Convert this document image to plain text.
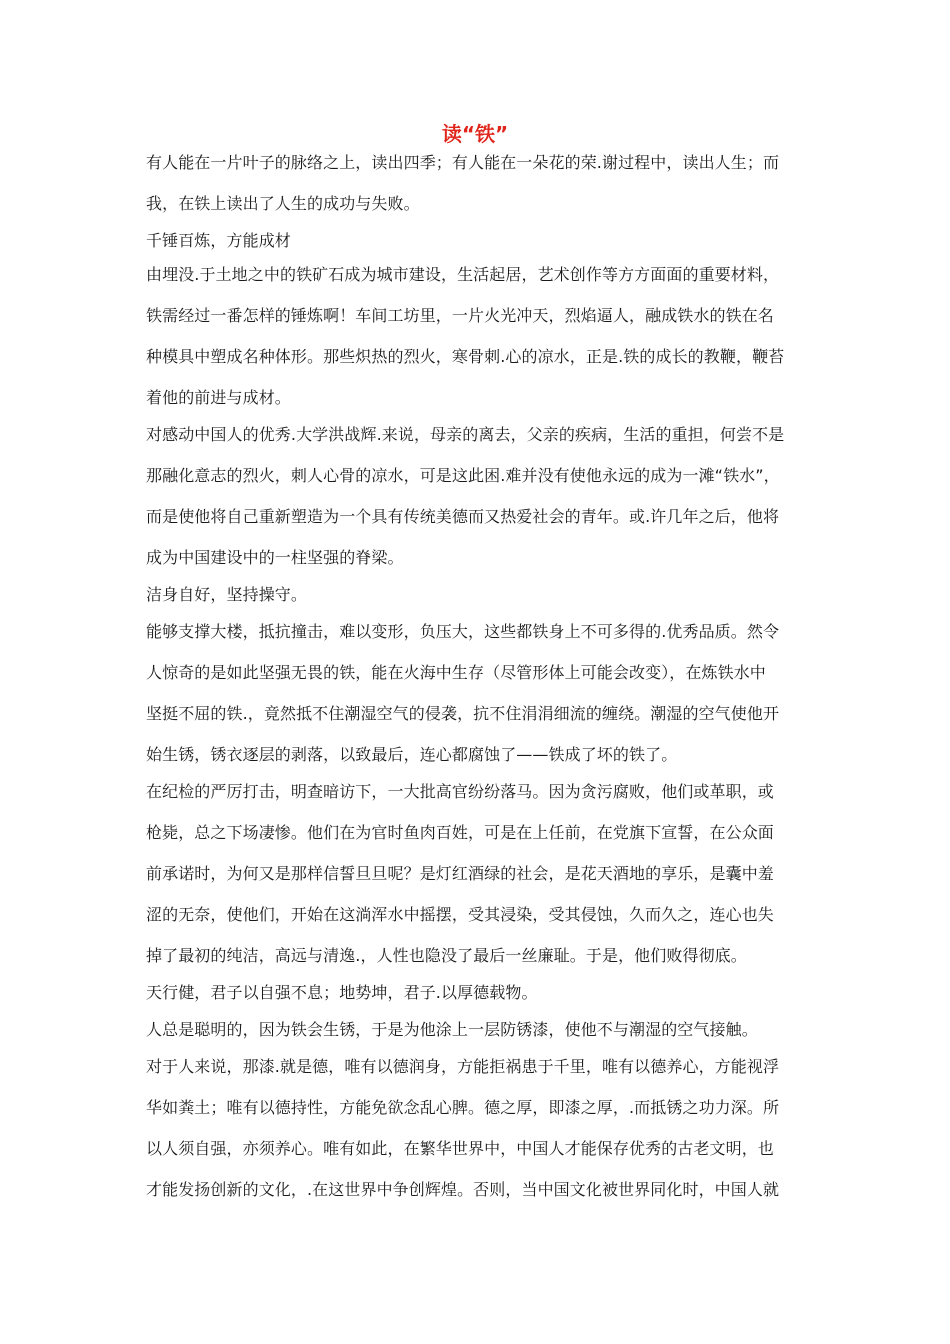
读“铁”
有人能在一片叶子的脉络之上，读出四季；有人能在一朵花的荣.谢过程中，读出人生；而
我，在铁上读出了人生的成功与失败。
千锤百炼，方能成材
由埋没.于土地之中的铁矿石成为城市建设，生活起居，艺术创作等方方面面的重要材料，
铁需经过一番怎样的锤炼啊！车间工坊里，一片火光冲天，烈焰逼人，融成铁水的铁在名
种模具中塑成名种体形。那些炽热的烈火，寒骨刺.心的凉水，正是.铁的成长的教鞭，鞭苔
着他的前进与成材。
对感动中国人的优秀.大学洪战辉.来说，母亲的离去，父亲的疾病，生活的重担，何尝不是
那融化意志的烈火，刺人心骨的凉水，可是这此困.难并没有使他永远的成为一滩“铁水”，
而是使他将自己重新塑造为一个具有传统美德而又热爱社会的青年。或.许几年之后，他将
成为中国建设中的一柱坚强的脊梁。
洁身自好，坚持操守。
能够支撑大楼，抵抗撞击，难以变形，负压大，这些都铁身上不可多得的.优秀品质。然令
人惊奇的是如此坚强无畏的铁，能在火海中生存（尽管形体上可能会改变），在炼铁水中
坚挺不屈的铁.，竟然抵不住潮湿空气的侵袭，抗不住涓涓细流的缠绕。潮湿的空气使他开
始生锈，锈衣逐层的剥落，以致最后，连心都腐蚀了——铁成了坏的铁了。
在纪检的严厉打击，明查暗访下，一大批高官纷纷落马。因为贪污腐败，他们或革职，或
枪毙，总之下场凄惨。他们在为官时鱼肉百姓，可是在上任前，在党旗下宣誓，在公众面
前承诺时，为何又是那样信誓旦旦呢？是灯红酒绿的社会，是花天酒地的享乐，是囊中羞
涩的无奈，使他们，开始在这淌浑水中摇摆，受其浸染，受其侵蚀，久而久之，连心也失
掉了最初的纯洁，高远与清逸.，人性也隐没了最后一丝廉耻。于是，他们败得彻底。
天行健，君子以自强不息；地势坤，君子.以厚德载物。
人总是聪明的，因为铁会生锈，于是为他涂上一层防锈漆，使他不与潮湿的空气接触。
对于人来说，那漆.就是德，唯有以德润身，方能拒祸患于千里，唯有以德养心，方能视浮
华如粪土；唯有以德持性，方能免欲念乱心脾。德之厚，即漆之厚，.而抵锈之功力深。所
以人须自强，亦须养心。唯有如此，在繁华世界中，中国人才能保存优秀的古老文明，也
才能发扬创新的文化，.在这世界中争创辉煌。否则，当中国文化被世界同化时，中国人就
